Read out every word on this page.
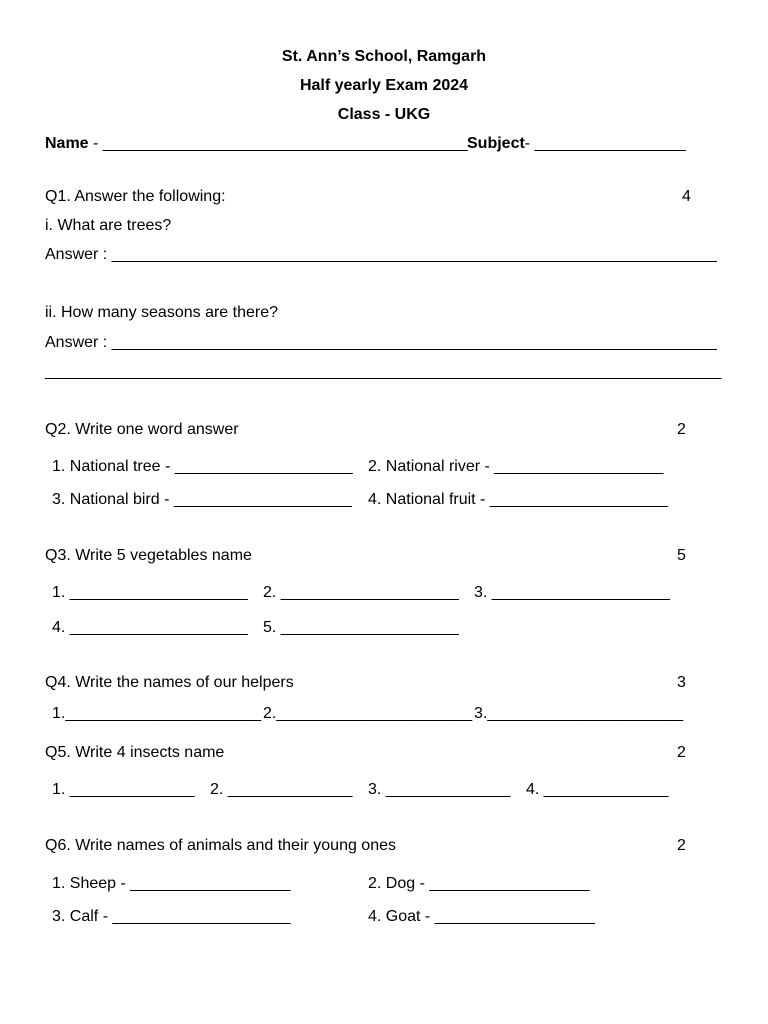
St. Ann’s School, Ramgarh
Half yearly Exam 2024
Class - UKG
Name - _________________________________________ Subject- _________________
Q1. Answer the following:	4
i. What are trees?
Answer : ____________________________________________________________________
ii. How many seasons are there?
Answer : ____________________________________________________________________
____________________________________________________________________________
Q2. Write one word answer	2
1. National tree - ____________________ 2. National river - ___________________
3. National bird - ____________________ 4. National fruit - ____________________
Q3. Write 5 vegetables name	5
1. ____________________ 2. ____________________ 3. ____________________
4. ____________________ 5. ____________________
Q4. Write the names of our helpers	3
1.______________________ 2.______________________ 3.______________________
Q5. Write 4 insects name	2
1. ______________ 2. ______________ 3. ______________ 4. ______________
Q6. Write names of animals and their young ones	2
1. Sheep - __________________	2. Dog - __________________
3. Calf - ____________________	4. Goat - __________________
